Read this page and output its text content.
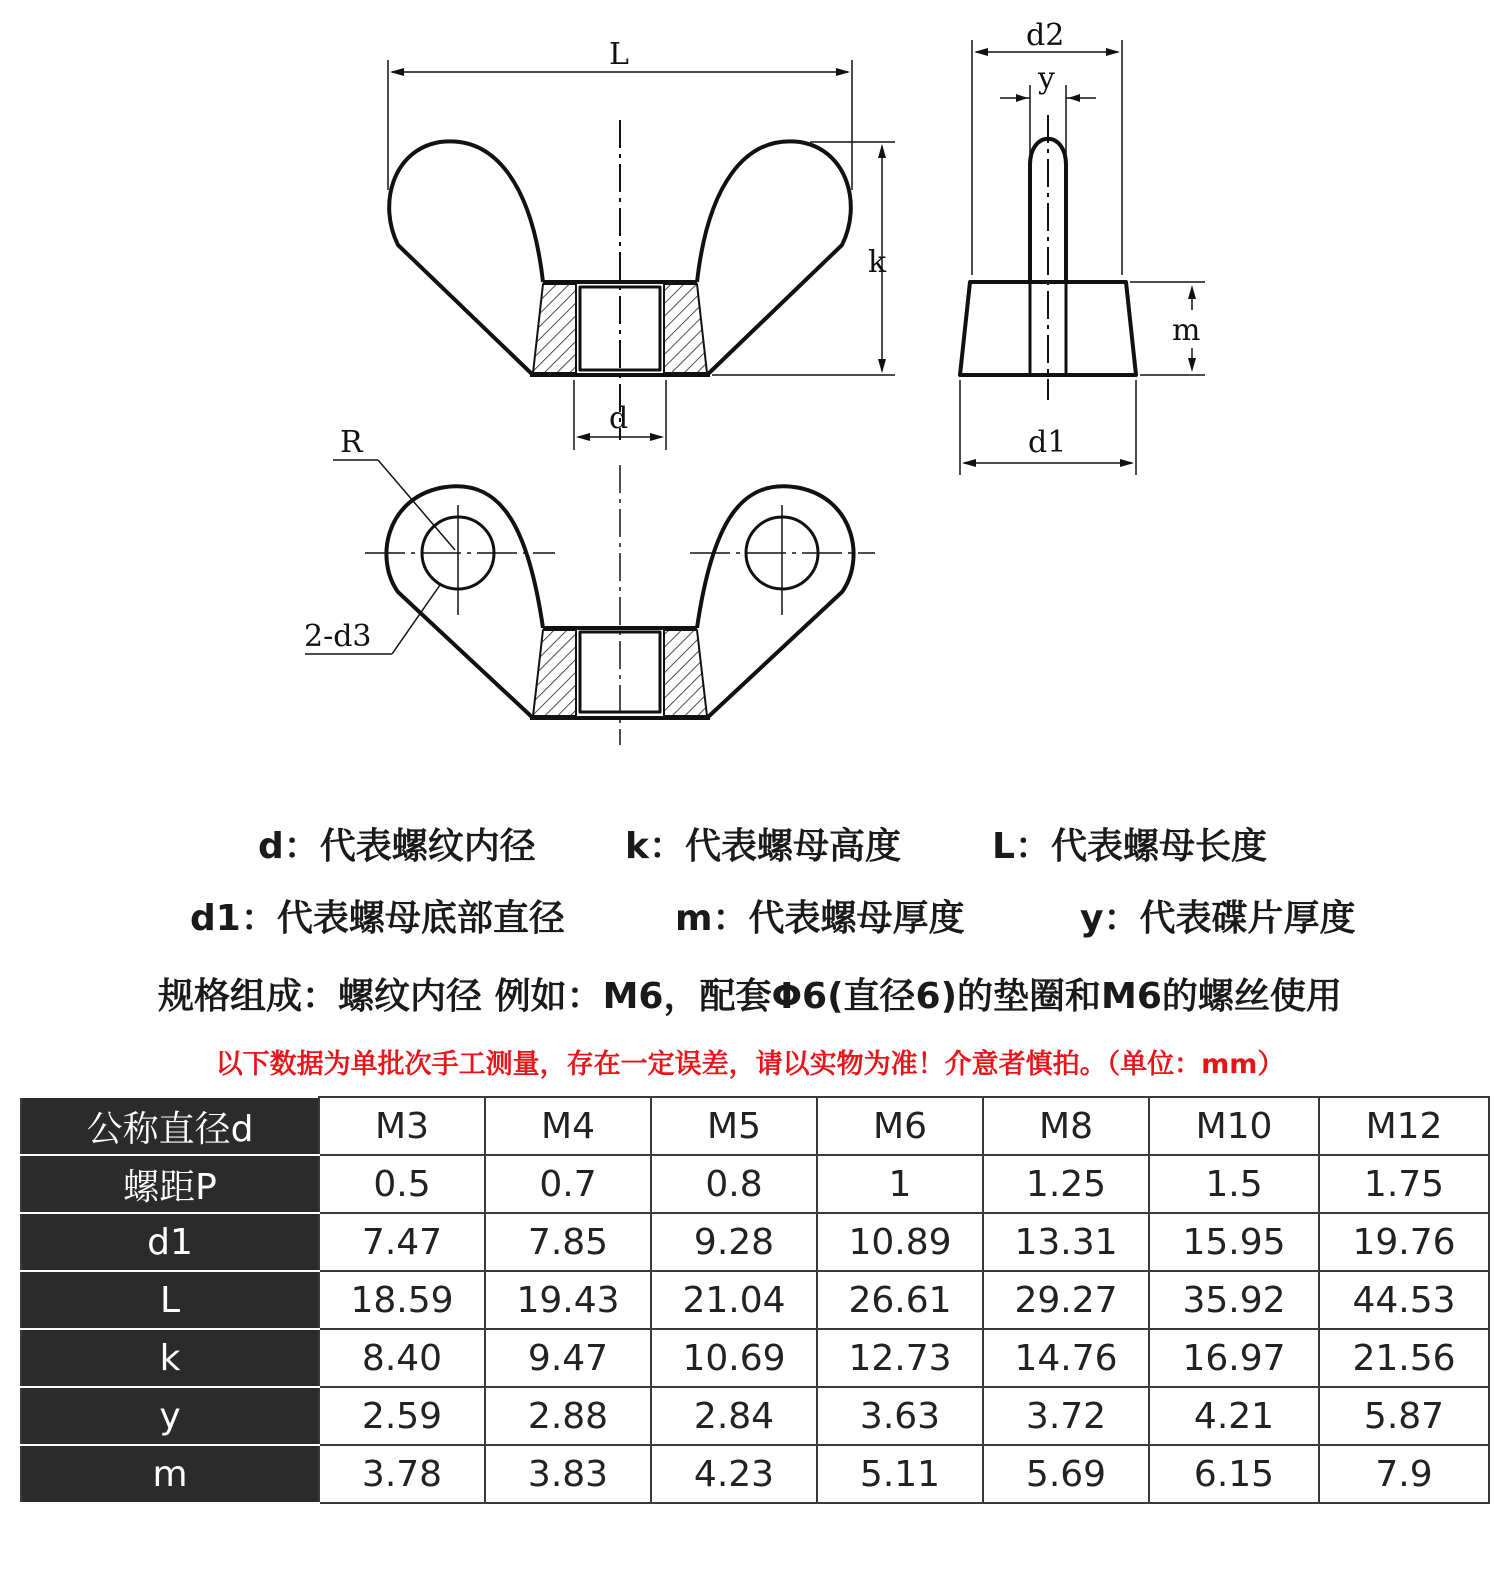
L
k
d
R
2-d3
d2
y
m
d1
d：代表螺纹内径 k：代表螺母高度	L：代表螺母长度
d1：代表螺母底部直径	m：代表螺母厚度	y：代表碟片厚度
规格组成：螺纹内径 例如：M6，配套Φ6(直径6)的垫圈和M6的螺丝使用
以下数据为单批次手工测量，存在一定误差，请以实物为准！介意者慎拍。（单位：mm）
公称直径d	M3	M4	M5	M6	M8	M10	M12
螺距P	0.5	0.7	0.8	1	1.25	1.5	1.75
d1	7.47	7.85	9.28	10.89	13.31	15.95	19.76
L	18.59	19.43	21.04	26.61	29.27	35.92	44.53
k	8.40	9.47	10.69	12.73	14.76	16.97	21.56
y	2.59	2.88	2.84	3.63	3.72	4.21	5.87
m	3.78	3.83	4.23	5.11	5.69	6.15	7.9
